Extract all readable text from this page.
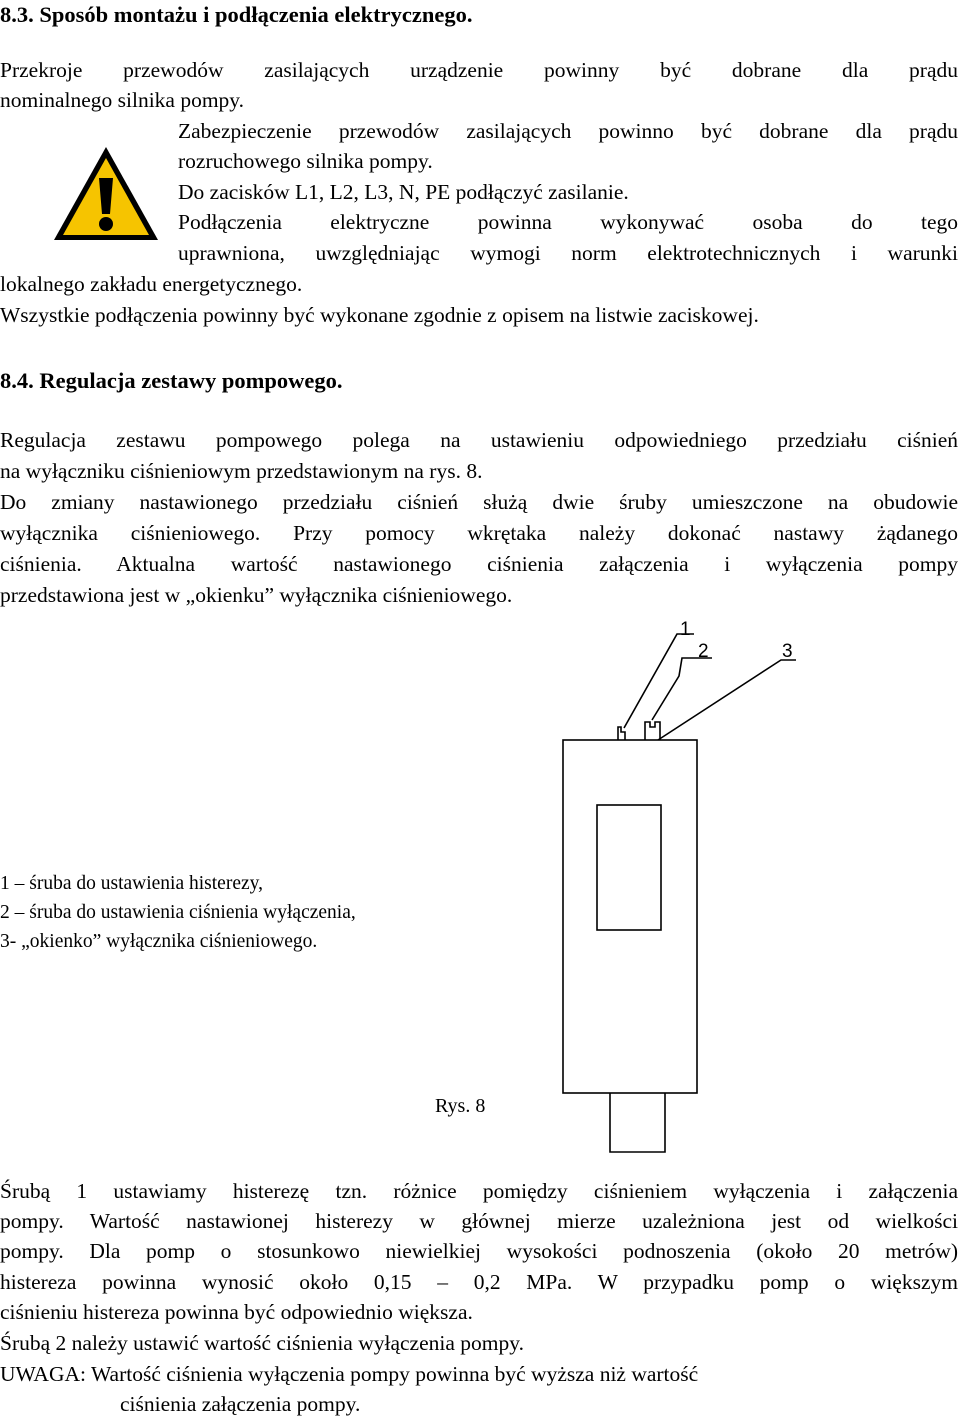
8.3. Sposób montażu i podłączenia elektrycznego.
Przekroje przewodów zasilających urządzenie powinny być dobrane dla prądu
nominalnego silnika pompy.
Zabezpieczenie przewodów zasilających powinno być dobrane dla prądu
rozruchowego silnika pompy.
Do zacisków L1, L2, L3, N, PE podłączyć zasilanie.
Podłączenia elektryczne powinna wykonywać osoba do tego
uprawniona, uwzględniając wymogi norm elektrotechnicznych i warunki
lokalnego zakładu energetycznego.
Wszystkie podłączenia powinny być wykonane zgodnie z opisem na listwie zaciskowej.
8.4. Regulacja zestawy pompowego.
Regulacja zestawu pompowego polega na ustawieniu odpowiedniego przedziału ciśnień
na wyłączniku ciśnieniowym przedstawionym na rys. 8.
Do zmiany nastawionego przedziału ciśnień służą dwie śruby umieszczone na obudowie
wyłącznika ciśnieniowego. Przy pomocy wkrętaka należy dokonać nastawy żądanego
ciśnienia. Aktualna wartość nastawionego ciśnienia załączenia i wyłączenia pompy
przedstawiona jest w „okienku” wyłącznika ciśnieniowego.
1
2	3
1 – śruba do ustawienia histerezy,
2 – śruba do ustawienia ciśnienia wyłączenia,
3- „okienko” wyłącznika ciśnieniowego.
Rys. 8
Śrubą 1 ustawiamy histerezę tzn. różnice pomiędzy ciśnieniem wyłączenia i załączenia
pompy. Wartość nastawionej histerezy w głównej mierze uzależniona jest od wielkości
pompy. Dla pomp o stosunkowo niewielkiej wysokości podnoszenia (około 20 metrów)
histereza powinna wynosić około 0,15 – 0,2 MPa. W przypadku pomp o większym
ciśnieniu histereza powinna być odpowiednio większa.
Śrubą 2 należy ustawić wartość ciśnienia wyłączenia pompy.
UWAGA: Wartość ciśnienia wyłączenia pompy powinna być wyższa niż wartość
ciśnienia załączenia pompy.
